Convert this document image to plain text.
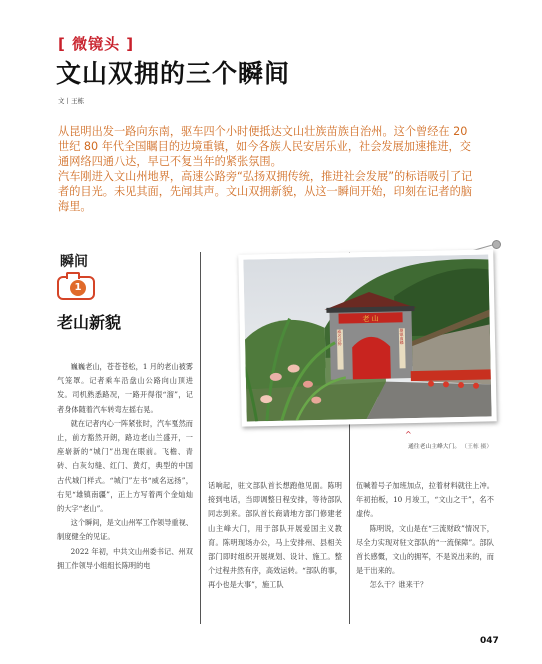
[ 微镜头 ]
文山双拥的三个瞬间
文丨王栋

从昆明出发一路向东南，驱车四个小时便抵达文山壮族苗族自治州。这个曾经在 20 世纪 80 年代全国瞩目的边境重镇，如今各族人民安居乐业，社会发展加速推进，交通网络四通八达，早已不复当年的紧张氛围。

汽车刚进入文山州地界，高速公路旁“弘扬双拥传统，推进社会发展”的标语吸引了记者的目光。未见其面，先闻其声。文山双拥新貌，从这一瞬间开始，印刻在记者的脑海里。

瞬间
1
老山新貌

巍巍老山，苍苍苍松，1 月的老山被雾气笼罩。记者乘车沿盘山公路向山顶进发。司机熟悉路况，一路开得很“溜”，记者身体随着汽车转弯左摇右晃。

就在记者内心一阵紧张时，汽车戛然而止，前方豁然开朗，路边老山兰盛开，一座崭新的“城门”出现在眼前。飞檐、青砖、白灰勾缝、红门、黄灯，典型的中国古代城门样式。“城门”左书“威名远扬”，右见“雄镇南疆”，正上方写着两个金灿灿的大字“老山”。

这个瞬间，是文山州军工作领导重视、制度健全的见证。

2022 年初，中共文山州委书记、州双拥工作领导小组组长陈明的电

话响起，驻文部队首长想跑他见面。陈明接到电话，当即调整日程安排，等待部队同志到来。部队首长商请地方部门修建老山主峰大门，用于部队开展爱国主义教育。陈明现场办公，马上安排州、县相关部门即时组织开展规划、设计、施工。整个过程井然有序，高效运转。“部队的事，再小也是大事”，施工队

伍喊着号子加班加点，拉着材料就往上冲。年初拍板，10 月竣工，“文山之干”，名不虚传。

陈明说，文山是在“三流财政”情况下，尽全力实现对驻文部队的“一流保障”。部队首长感慨，文山的拥军，不是说出来的，而是干出来的。

怎么干？谁来干？

老 山
威名远扬	雄镇南疆
^
通往老山主峰大门。 （王栋 摄）
047
